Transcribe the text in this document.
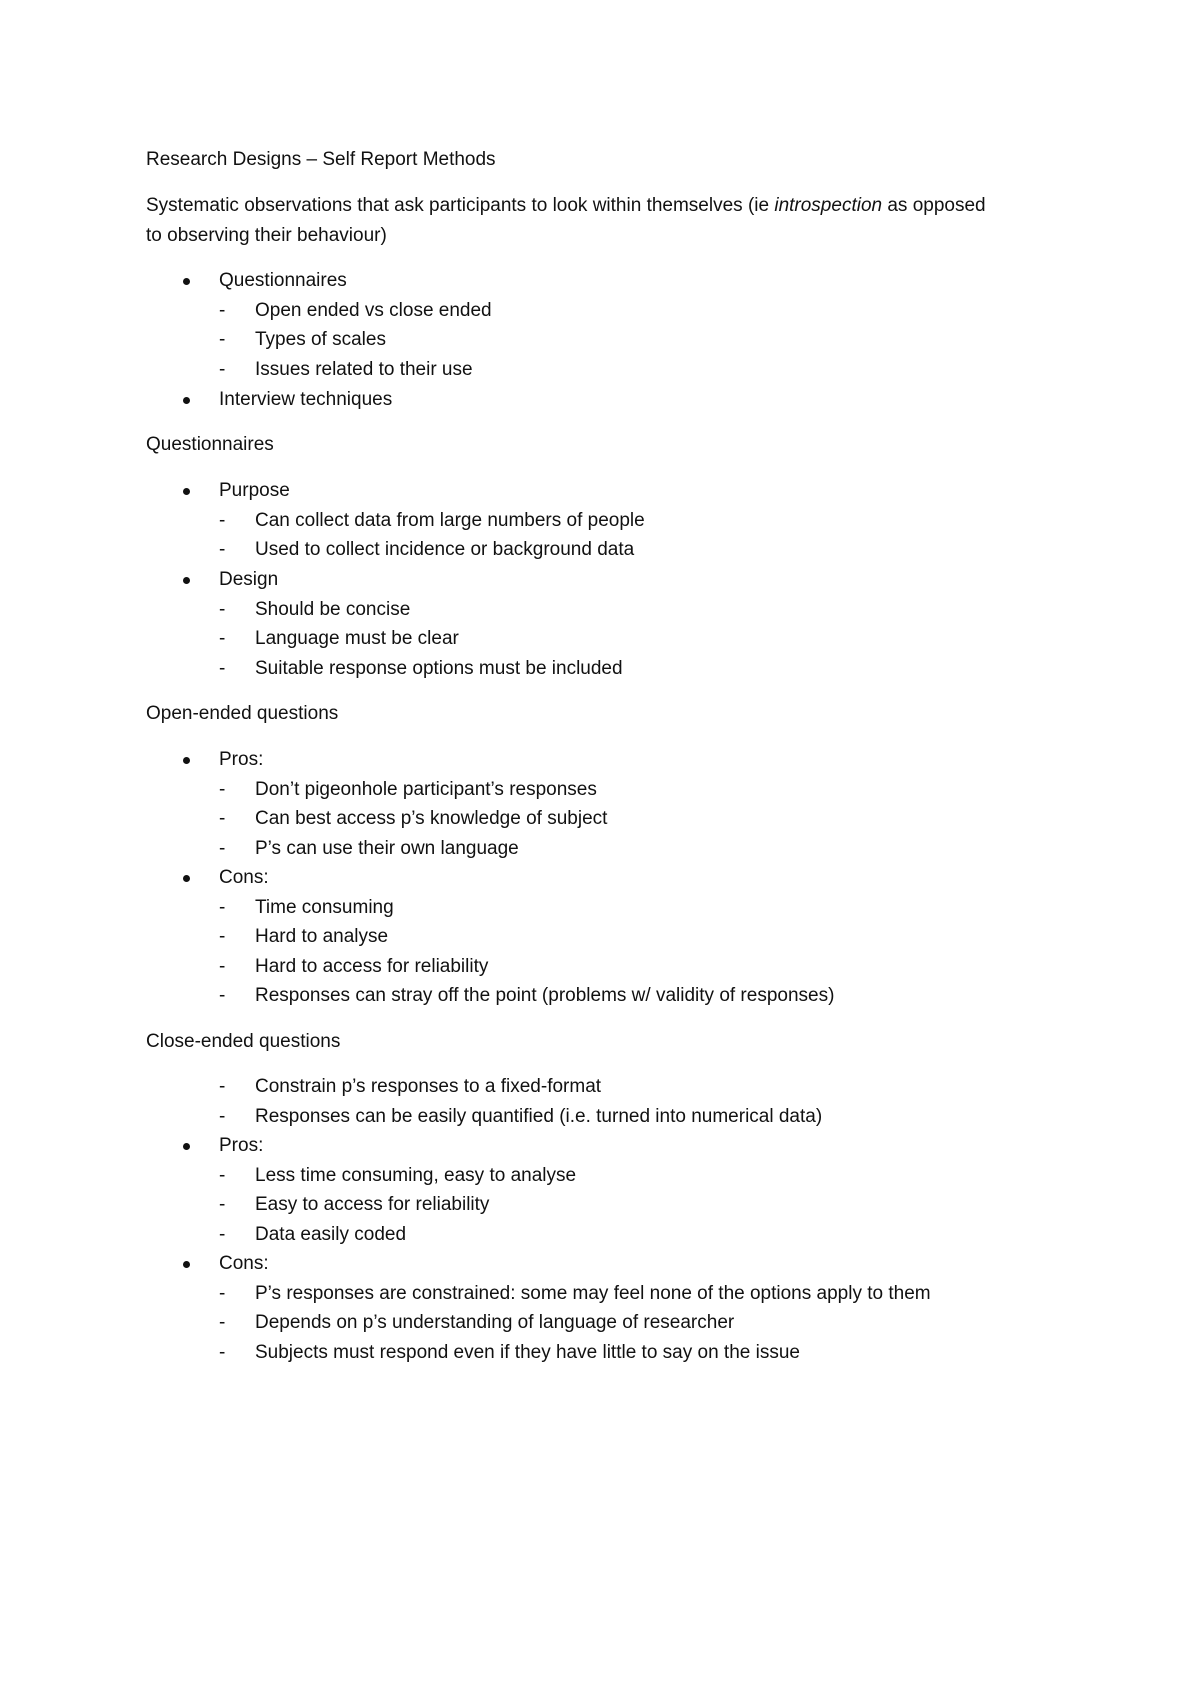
Research Designs – Self Report Methods
Systematic observations that ask participants to look within themselves (ie introspection as opposed
to observing their behaviour)
Questionnaires
- Open ended vs close ended
- Types of scales
- Issues related to their use
Interview techniques
Questionnaires
Purpose
- Can collect data from large numbers of people
- Used to collect incidence or background data
Design
- Should be concise
- Language must be clear
- Suitable response options must be included
Open-ended questions
Pros:
- Don’t pigeonhole participant’s responses
- Can best access p’s knowledge of subject
- P’s can use their own language
Cons:
- Time consuming
- Hard to analyse
- Hard to access for reliability
- Responses can stray off the point (problems w/ validity of responses)
Close-ended questions
- Constrain p’s responses to a fixed-format
- Responses can be easily quantified (i.e. turned into numerical data)
Pros:
- Less time consuming, easy to analyse
- Easy to access for reliability
- Data easily coded
Cons:
- P’s responses are constrained: some may feel none of the options apply to them
- Depends on p’s understanding of language of researcher
- Subjects must respond even if they have little to say on the issue
